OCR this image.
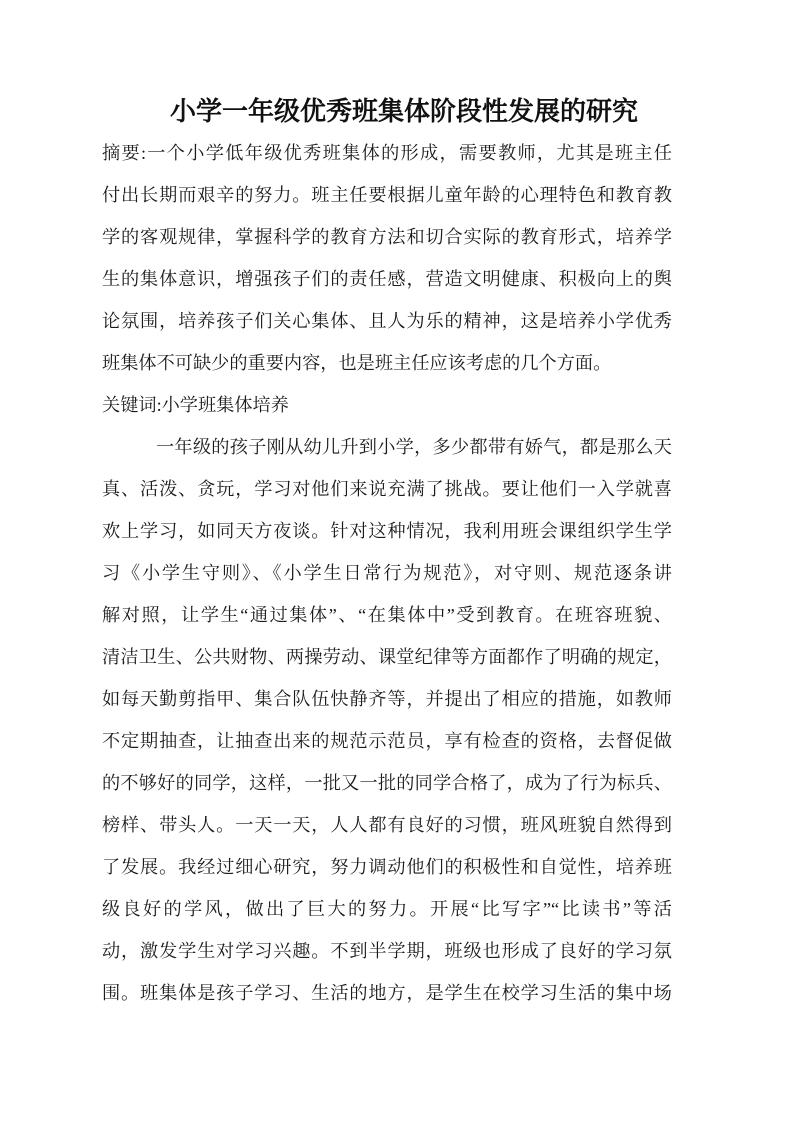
小学一年级优秀班集体阶段性发展的研究
摘要:一个小学低年级优秀班集体的形成，需要教师，尤其是班主任
付出长期而艰辛的努力。班主任要根据儿童年龄的心理特色和教育教
学的客观规律，掌握科学的教育方法和切合实际的教育形式，培养学
生的集体意识，增强孩子们的责任感，营造文明健康、积极向上的舆
论氛围，培养孩子们关心集体、且人为乐的精神，这是培养小学优秀
班集体不可缺少的重要内容，也是班主任应该考虑的几个方面。
关键词:小学班集体培养
一年级的孩子刚从幼儿升到小学，多少都带有娇气，都是那么天
真、活泼、贪玩，学习对他们来说充满了挑战。要让他们一入学就喜
欢上学习，如同天方夜谈。针对这种情况，我利用班会课组织学生学
习《小学生守则》、《小学生日常行为规范》，对守则、规范逐条讲
解对照，让学生“通过集体”、“在集体中”受到教育。在班容班貌、
清洁卫生、公共财物、两操劳动、课堂纪律等方面都作了明确的规定，
如每天勤剪指甲、集合队伍快静齐等，并提出了相应的措施，如教师
不定期抽查，让抽查出来的规范示范员，享有检查的资格，去督促做
的不够好的同学，这样，一批又一批的同学合格了，成为了行为标兵、
榜样、带头人。一天一天，人人都有良好的习惯，班风班貌自然得到
了发展。我经过细心研究，努力调动他们的积极性和自觉性，培养班
级良好的学风，做出了巨大的努力。开展“比写字”“比读书”等活
动，激发学生对学习兴趣。不到半学期，班级也形成了良好的学习氛
围。班集体是孩子学习、生活的地方，是学生在校学习生活的集中场
